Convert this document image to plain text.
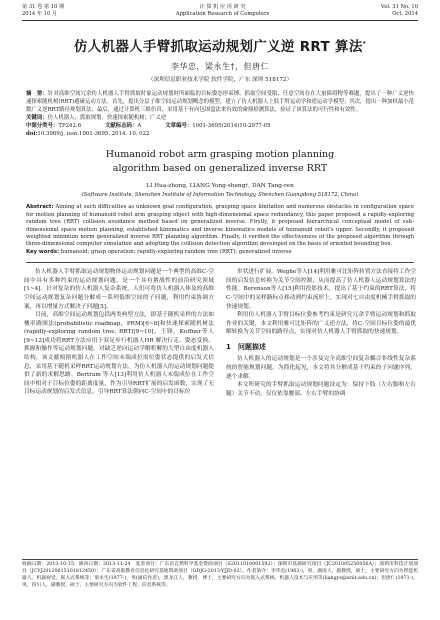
第 31 卷 第 10 期
2014 年 10 月
计 算 机 应 用 研 究
Application Research of Computers
Vol. 31 No. 10
Oct. 2014
仿人机器人手臂抓取运动规划广义逆 RRT 算法*
李华忠，梁永生†，但唐仁
（深圳信息职业技术学院 软件学院，广东 深圳 518172）
摘　要：针对高维空间冗余仿人机器人手臂抓取时象运动规划时所面临的目标姿态形束缚、抓取空间受限、任意空间存在大量障碍物等难题，提出了一种广义逆快速探索随机树(RRT)避碰运动方法。首先，提出分层子维空间运动规划概念的模型，建立了仿人机器人上肢手臂运动学和逆运动学模型；其次，提出一种加权最小范数广义逆RRT路径规划算法；最后，通过计算机三维仿真，采用基于有向包围盒法来有效的碰撞检测算法，验证了该算法的可行性和有效性。
关键词：仿人机器人；抓取规划；快速探索随机树；广义逆
中图分类号：TP242.6	文献标志码：A	文章编号：1001-3695(2014)10-2977-05
doi:10.3969/j. issn.1001-3695. 2014. 10. 022
Humanoid robot arm grasping motion planning
algorithm based on generalized inverse RRT
LI Hua-zhong, LIANG Yong-sheng†, DAN Tang-ren
(Software Institute, Shenzhen Institute of Information Technology, Shenzhen Guangdong 518172, China)
Abstract: Aiming at such difficulties as unknown goal configuration, grasping space limitation and numerous obstacles in configuration space for motion planning of humanoid robot arm grasping object with high-dimensional space redundancy, this paper proposed a rapidly-exploring random tree (RRT) collision avoidance method based on generalized inverse. Firstly, it proposed hierarchical conceptual model of sub-dimensional space motion planning, established kinematics and inverse kinematics models of humanoid robot's upper. Secondly, it proposed weighted minimum norm generalized inverse RRT planning algorithm. Finally, it verified the effectiveness of the proposed algorithm through three-dimensional computer simulation and adopting the collision detection algorithm developed on the basis of oriented bounding box.
Key words: humanoid; grasp operation; rapidly-exploring random tree (RRT); generalized inverse

仿人机器人手臂抓取运动规划物体运动规划问题是一个典型的高维C-空间中具有多种约束的运动规划问题，是一个具有挑战性的前沿研究领域[1~4]。针对复杂的仿人机器人复杂系统，人们可将仿人机器人体及的高维空间运动规划复杂问题分解成一系列低维空间的子问题，利用约束协调方案，再以增量方式解决子问题[5]。

目前，高维空间运动规划包括两类典型方法，即基于随机采样的方法如概率路图法(probabilistic roadmap，PRM)[6~8]和快速探索随机树法(rapidly-exploring random tree, RRT)[9~10]。王锋、Kuffner等人[9~12]成功将RRT方法应用于双足步行机器人HR 解决行走、姿态变换、抓握和操作等运动规划问题。对缺乏逆向运动学解析解的大型自由度机器人结构，该文献根据机器人在工作空间末端成位需位姿状态提供的启发式信息，采用基于随机采样RRT运动规划方法，为仿人机器人的运动规划问题提供了新的求解思路。Bertram 等人[13]利用仿人机器人末端成位在工作空间中相对于目标位姿的距离度量，作为引导RRT扩展的启发函数，实现了无目标运动规划的启发式信息，引导RRT算法朝向C-空间中的目标位

形状进行扩展。Weghe等人[14]利用雅可比矩阵转置方法直接将工作空间的启发信息转换为关节空间控制，从而提高了仿人机器人运动规划算法的性能。Berenson等人[15]利用投影技术，提出了基于约束的RRT算法，将C-空间中的采样路标点移动到约束流形上，实现对七自由度机械手臂抓取的快速规划。

利用仿人机器人手臂目标位姿参考约束是研究冗余手臂运动规划和抓取作业的关键，本文利用雅可比矩阵的广义逆方法，将C-空间目标位姿的最优解转换为关节空间的路径点，实现对仿人机器人手臂抓取的快速规划。

1　问题描述

仿人机器人的运动规划是一个涉及完全高维空间复杂耦合非线性复杂系统的智能规划问题。为简化起见，本文将其分解成基于约束的子问题序列，逐个求解。

本文所研究的手臂抓取运动规划问题设定为：保持下肢（左右脚和左右腿）关节不动，仅仅依靠腰部、左右手臂的协调

收稿日期：2013-10-15；修回日期：2013-11-24　基金项目：广东省自然科学基金资助项目（S2011010001592）；深圳市基础研究项目（JC201005250056A）；深圳市科技计划项目（JCYJ20120615101812450）；广东省高职教育信息化研究基地资助项目（GDJG-2013-YJJD-02）。作者简介：李华忠(1963-)，男，湖南人，副教授，硕士，主要研究方向为智能机器人、机器视觉、嵌入式系统等；梁永生(1977-)，男(通信作者)，黑龙江人，教授，博士，主要研究方向为嵌入式系统、机器人技术与应用等(liangys@sziit.edu.cn)；但唐仁(1971-)，男，四川人，副教授，硕士，主要研究方向为软件工程、信息系统等。
